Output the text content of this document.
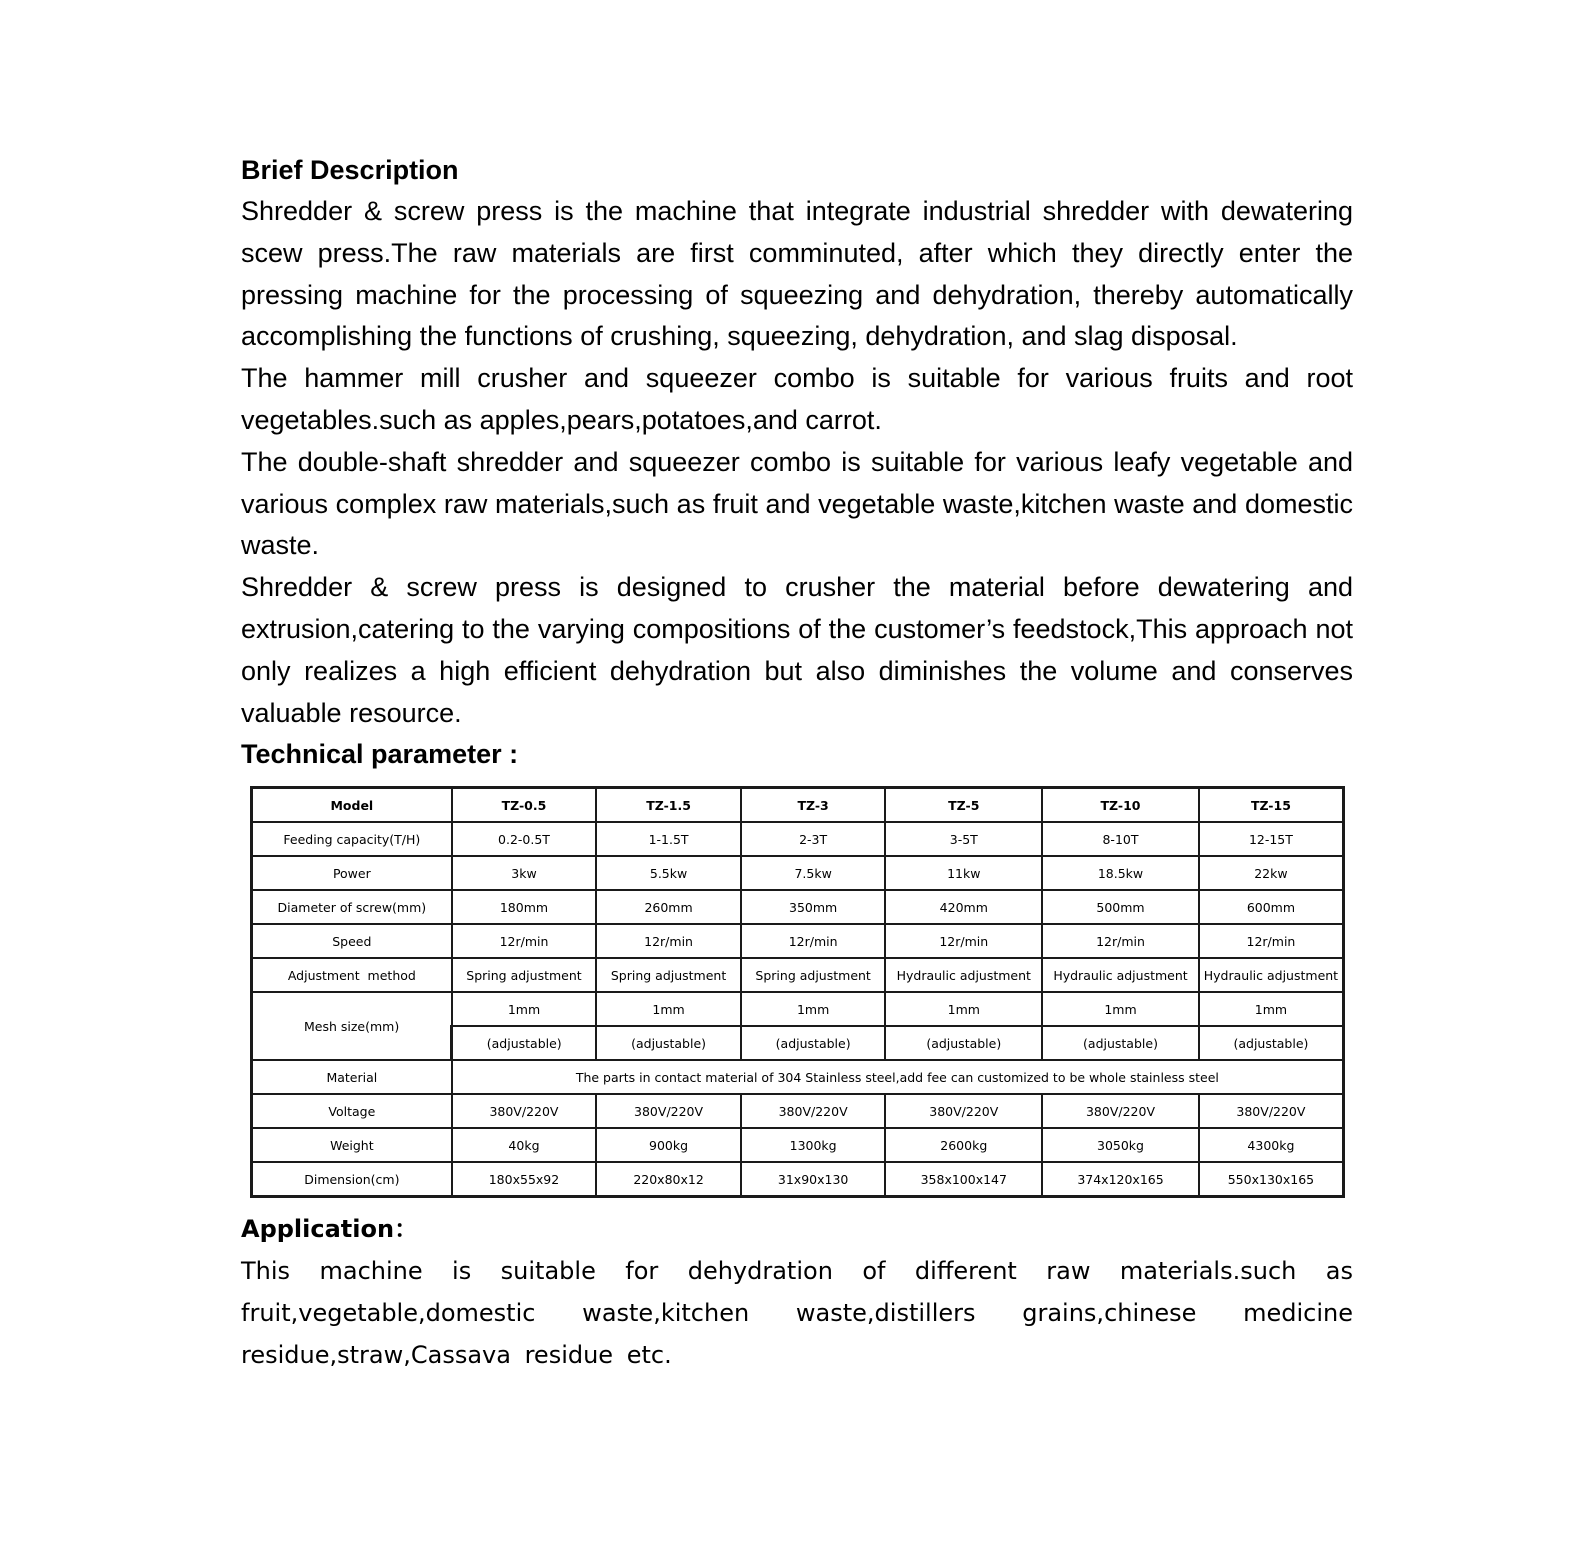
Brief Description

Shredder & screw press is the machine that integrate industrial shredder with dewatering scew press.The raw materials are first comminuted, after which they directly enter the pressing machine for the processing of squeezing and dehydration, thereby automatically accomplishing the functions of crushing, squeezing, dehydration, and slag disposal.

The hammer mill crusher and squeezer combo is suitable for various fruits and root vegetables.such as apples,pears,potatoes,and carrot.

The double-shaft shredder and squeezer combo is suitable for various leafy vegetable and various complex raw materials,such as fruit and vegetable waste,kitchen waste and domestic waste.

Shredder & screw press is designed to crusher the material before dewatering and extrusion,catering to the varying compositions of the customer’s feedstock,This approach not only realizes a high efficient dehydration but also diminishes the volume and conserves valuable resource.

Technical parameter :

Model	TZ-0.5	TZ-1.5	TZ-3	TZ-5	TZ-10	TZ-15
Feeding capacity(T/H)	0.2-0.5T	1-1.5T	2-3T	3-5T	8-10T	12-15T
Power	3kw	5.5kw	7.5kw	11kw	18.5kw	22kw
Diameter of screw(mm)	180mm	260mm	350mm	420mm	500mm	600mm
Speed	12r/min	12r/min	12r/min	12r/min	12r/min	12r/min
Adjustment  method	Spring adjustment	Spring adjustment	Spring adjustment	Hydraulic adjustment	Hydraulic adjustment	Hydraulic adjustment
Mesh size(mm)	1mm	1mm	1mm	1mm	1mm	1mm
	(adjustable)	(adjustable)	(adjustable)	(adjustable)	(adjustable)	(adjustable)
Material	The parts in contact material of 304 Stainless steel,add fee can customized to be whole stainless steel					
Voltage	380V/220V	380V/220V	380V/220V	380V/220V	380V/220V	380V/220V
Weight	40kg	900kg	1300kg	2600kg	3050kg	4300kg
Dimension(cm)	180x55x92	220x80x12	31x90x130	358x100x147	374x120x165	550x130x165

Application：

This machine is suitable for dehydration of different raw materials.such as fruit,vegetable,domestic waste,kitchen waste,distillers grains,chinese medicine residue,straw,Cassava residue etc.
